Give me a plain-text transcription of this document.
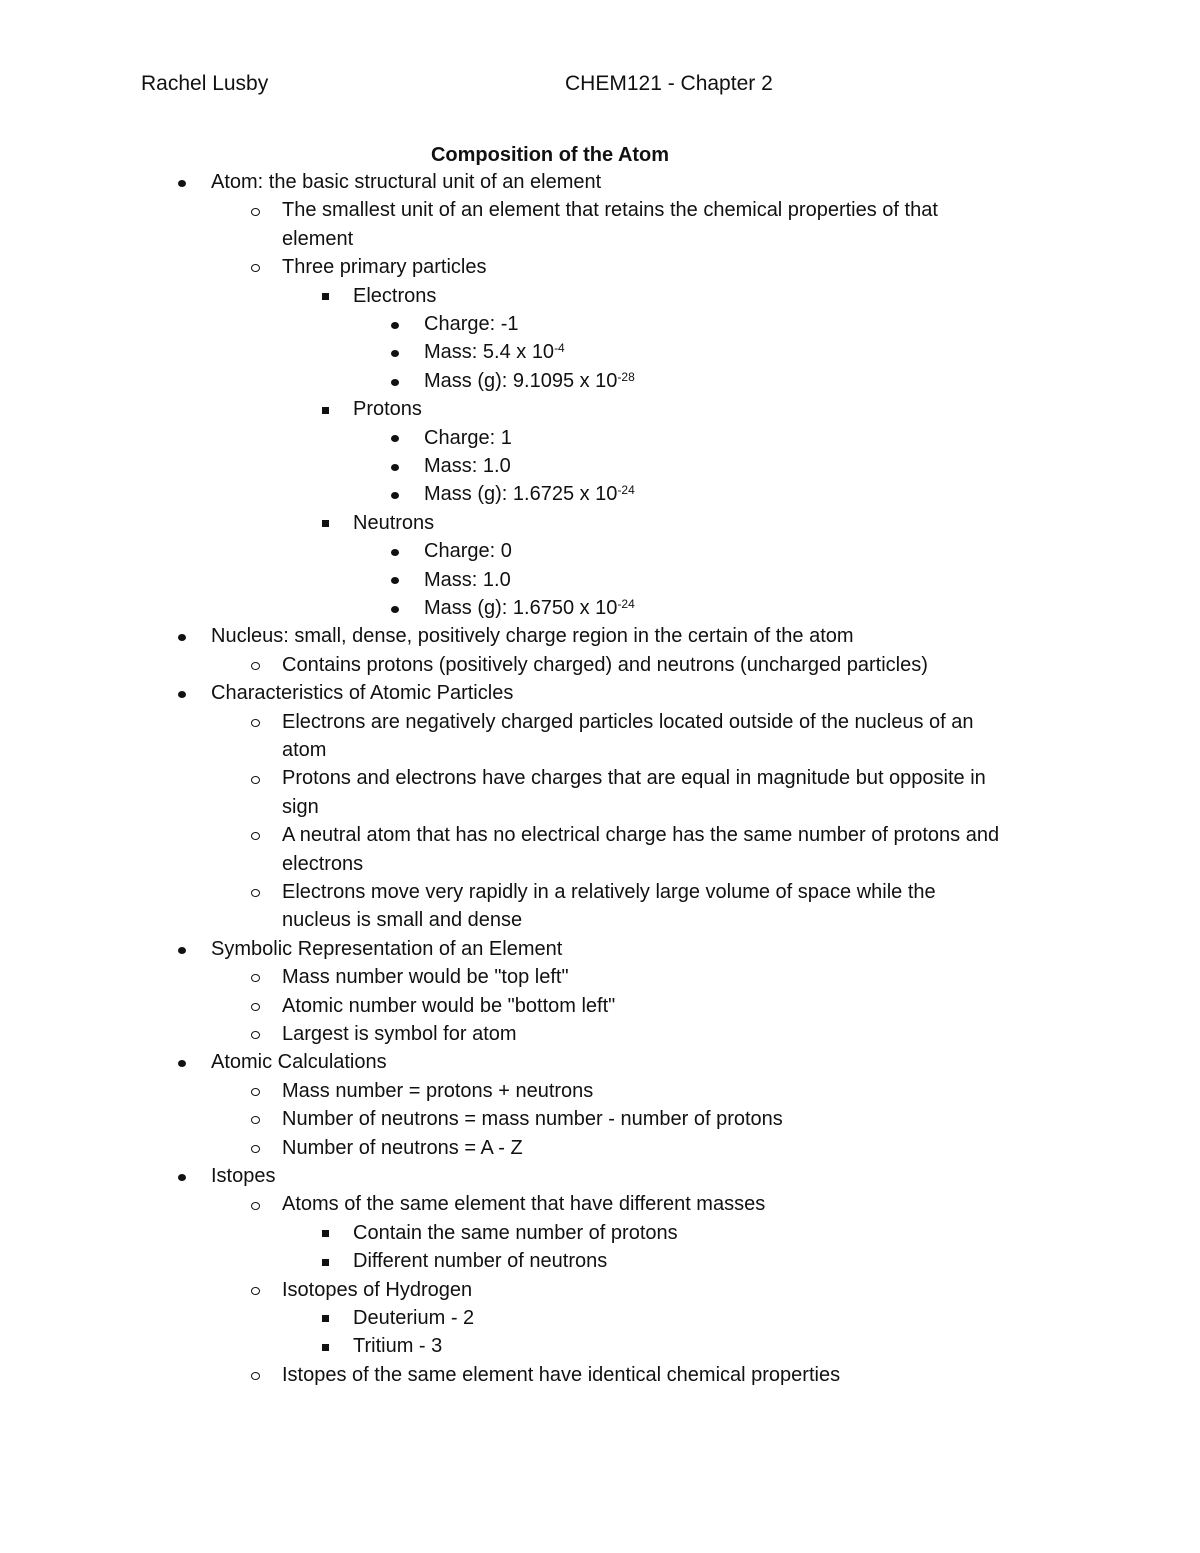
Rachel Lusby	CHEM121 - Chapter 2
Composition of the Atom
Atom: the basic structural unit of an element
The smallest unit of an element that retains the chemical properties of that
element
Three primary particles
Electrons
Charge: -1
Mass: 5.4 x $10^{-4}$
Mass (g): 9.1095 x $10^{-28}$
Protons
Charge: 1
Mass: 1.0
Mass (g): 1.6725 x $10^{-24}$
Neutrons
Charge: 0
Mass: 1.0
Mass (g): 1.6750 x $10^{-24}$
Nucleus: small, dense, positively charge region in the certain of the atom
Contains protons (positively charged) and neutrons (uncharged particles)
Characteristics of Atomic Particles
Electrons are negatively charged particles located outside of the nucleus of an
atom
Protons and electrons have charges that are equal in magnitude but opposite in
sign
A neutral atom that has no electrical charge has the same number of protons and
electrons
Electrons move very rapidly in a relatively large volume of space while the
nucleus is small and dense
Symbolic Representation of an Element
Mass number would be "top left"
Atomic number would be "bottom left"
Largest is symbol for atom
Atomic Calculations
Mass number = protons + neutrons
Number of neutrons = mass number - number of protons
Number of neutrons = A - Z
Istopes
Atoms of the same element that have different masses
Contain the same number of protons
Different number of neutrons
Isotopes of Hydrogen
Deuterium - 2
Tritium - 3
Istopes of the same element have identical chemical properties
